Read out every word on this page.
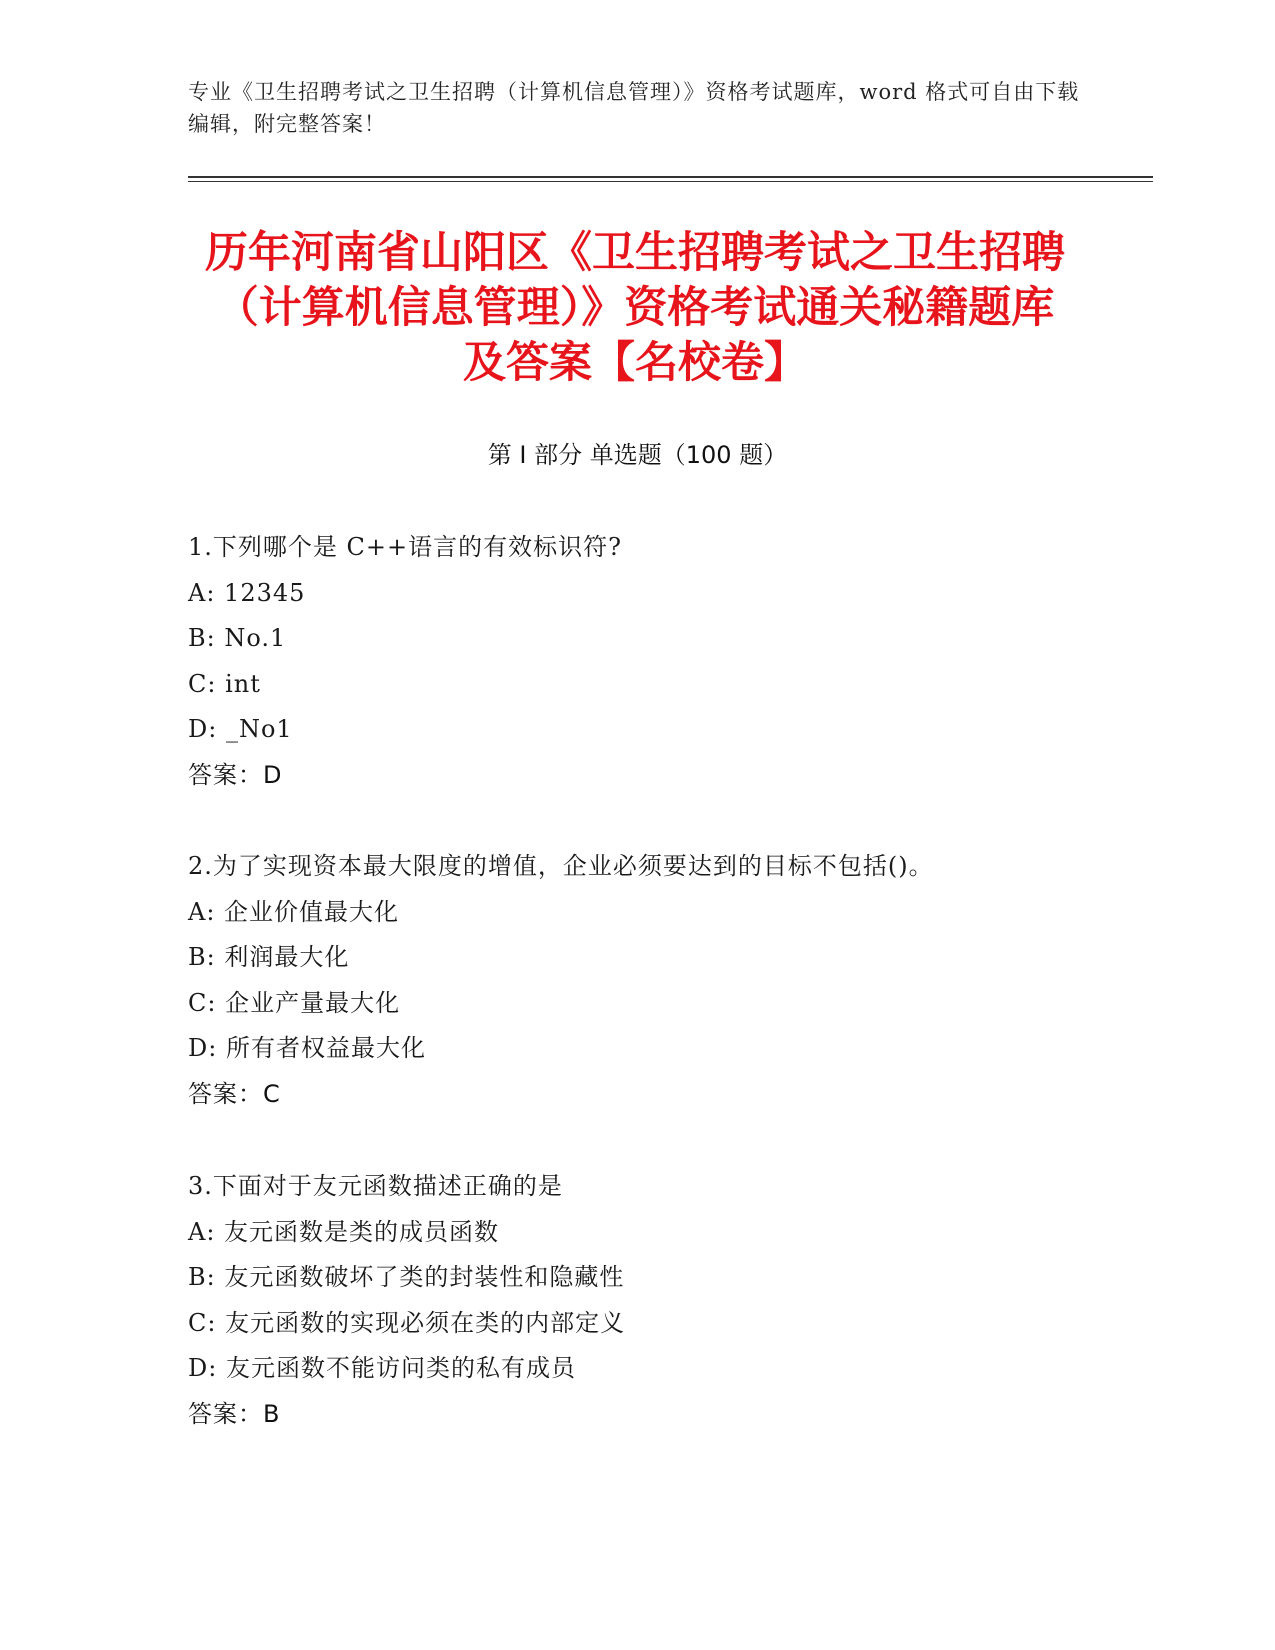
专业《卫生招聘考试之卫生招聘（计算机信息管理）》资格考试题库，word 格式可自由下载编辑，附完整答案！
历年河南省山阳区《卫生招聘考试之卫生招聘（计算机信息管理）》资格考试通关秘籍题库及答案【名校卷】
第 I 部分 单选题（100 题）
1.下列哪个是 C++语言的有效标识符?
A: 12345
B: No.1
C: int
D: _No1
答案：D
2.为了实现资本最大限度的增值，企业必须要达到的目标不包括()。
A: 企业价值最大化
B: 利润最大化
C: 企业产量最大化
D: 所有者权益最大化
答案：C
3.下面对于友元函数描述正确的是
A: 友元函数是类的成员函数
B: 友元函数破坏了类的封装性和隐藏性
C: 友元函数的实现必须在类的内部定义
D: 友元函数不能访问类的私有成员
答案：B
